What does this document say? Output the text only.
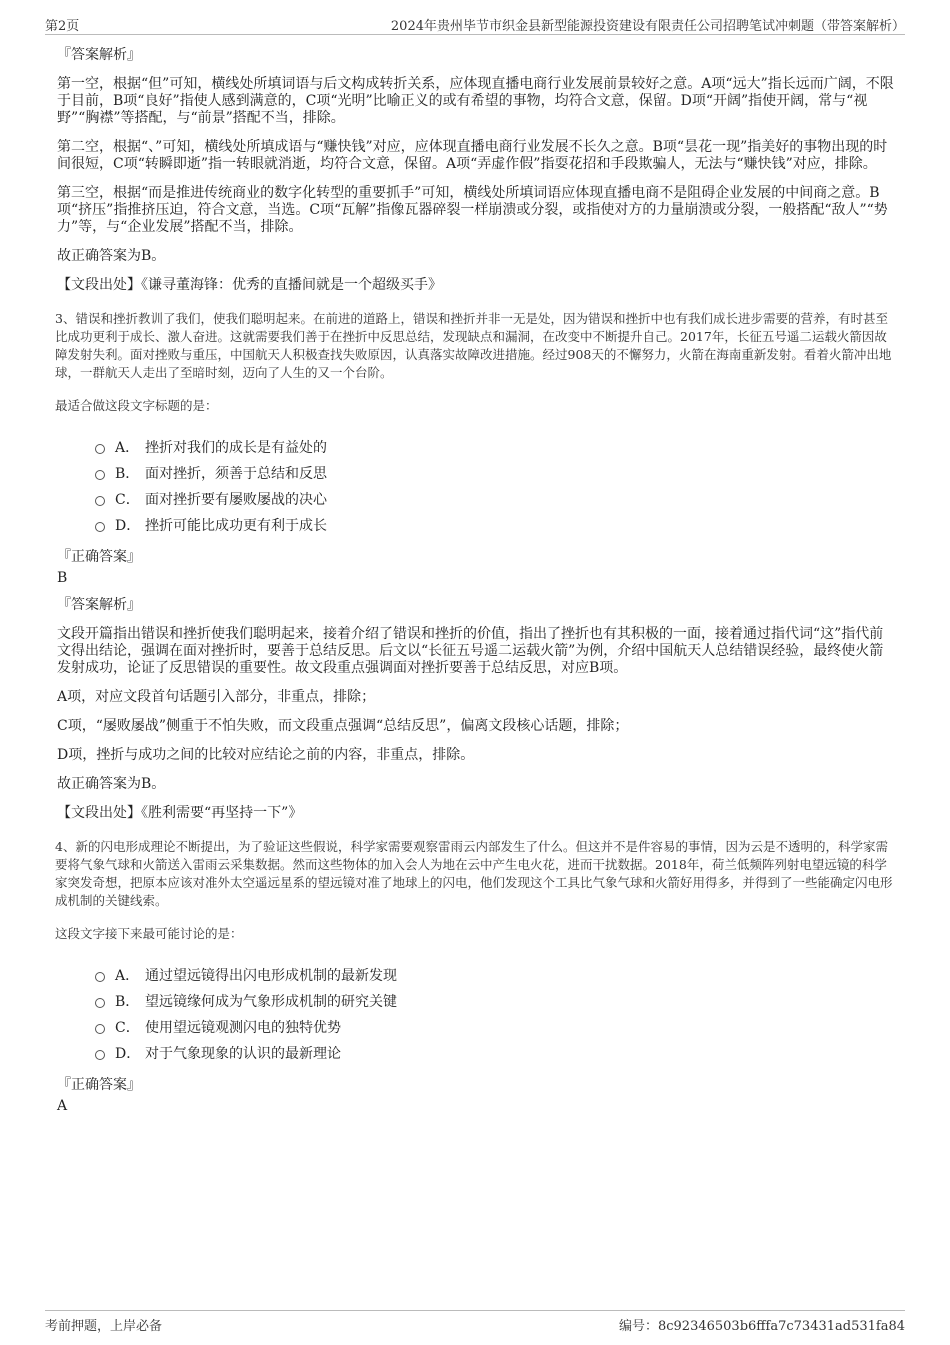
第2页	2024年贵州毕节市织金县新型能源投资建设有限责任公司招聘笔试冲刺题（带答案解析）
『答案解析』

第一空，根据“但”可知，横线处所填词语与后文构成转折关系，应体现直播电商行业发展前景较好之意。A项“远大”指长远而广阔，不限于目前，B项“良好”指使人感到满意的，C项“光明”比喻正义的或有希望的事物，均符合文意，保留。D项“开阔”指使开阔，常与“视野”“胸襟”等搭配，与“前景”搭配不当，排除。

第二空，根据“、”可知，横线处所填成语与“赚快钱”对应，应体现直播电商行业发展不长久之意。B项“昙花一现”指美好的事物出现的时间很短，C项“转瞬即逝”指一转眼就消逝，均符合文意，保留。A项“弄虚作假”指耍花招和手段欺骗人，无法与“赚快钱”对应，排除。

第三空，根据“而是推进传统商业的数字化转型的重要抓手”可知，横线处所填词语应体现直播电商不是阻碍企业发展的中间商之意。B项“挤压”指推挤压迫，符合文意，当选。C项“瓦解”指像瓦器碎裂一样崩溃或分裂，或指使对方的力量崩溃或分裂，一般搭配“敌人”“势力”等，与“企业发展”搭配不当，排除。

故正确答案为B。

【文段出处】《谦寻董海锋：优秀的直播间就是一个超级买手》

3、错误和挫折教训了我们，使我们聪明起来。在前进的道路上，错误和挫折并非一无是处，因为错误和挫折中也有我们成长进步需要的营养，有时甚至比成功更利于成长、激人奋进。这就需要我们善于在挫折中反思总结，发现缺点和漏洞，在改变中不断提升自己。2017年，长征五号遥二运载火箭因故障发射失利。面对挫败与重压，中国航天人积极查找失败原因，认真落实故障改进措施。经过908天的不懈努力，火箭在海南重新发射。看着火箭冲出地球，一群航天人走出了至暗时刻，迈向了人生的又一个台阶。

最适合做这段文字标题的是：

A． 挫折对我们的成长是有益处的
B． 面对挫折，须善于总结和反思
C． 面对挫折要有屡败屡战的决心
D． 挫折可能比成功更有利于成长
『正确答案』
B
『答案解析』

文段开篇指出错误和挫折使我们聪明起来，接着介绍了错误和挫折的价值，指出了挫折也有其积极的一面，接着通过指代词“这”指代前文得出结论，强调在面对挫折时，要善于总结反思。后文以“长征五号遥二运载火箭”为例，介绍中国航天人总结错误经验，最终使火箭发射成功，论证了反思错误的重要性。故文段重点强调面对挫折要善于总结反思，对应B项。

A项，对应文段首句话题引入部分，非重点，排除；

C项，“屡败屡战”侧重于不怕失败，而文段重点强调“总结反思”，偏离文段核心话题，排除；

D项，挫折与成功之间的比较对应结论之前的内容，非重点，排除。

故正确答案为B。

【文段出处】《胜利需要“再坚持一下”》

4、新的闪电形成理论不断提出，为了验证这些假说，科学家需要观察雷雨云内部发生了什么。但这并不是件容易的事情，因为云是不透明的，科学家需要将气象气球和火箭送入雷雨云采集数据。然而这些物体的加入会人为地在云中产生电火花，进而干扰数据。2018年，荷兰低频阵列射电望远镜的科学家突发奇想，把原本应该对准外太空遥远星系的望远镜对准了地球上的闪电，他们发现这个工具比气象气球和火箭好用得多，并得到了一些能确定闪电形成机制的关键线索。

这段文字接下来最可能讨论的是：

A． 通过望远镜得出闪电形成机制的最新发现
B． 望远镜缘何成为气象形成机制的研究关键
C． 使用望远镜观测闪电的独特优势
D． 对于气象现象的认识的最新理论
『正确答案』
A
考前押题，上岸必备	编号：8c92346503b6fffa7c73431ad531fa84
